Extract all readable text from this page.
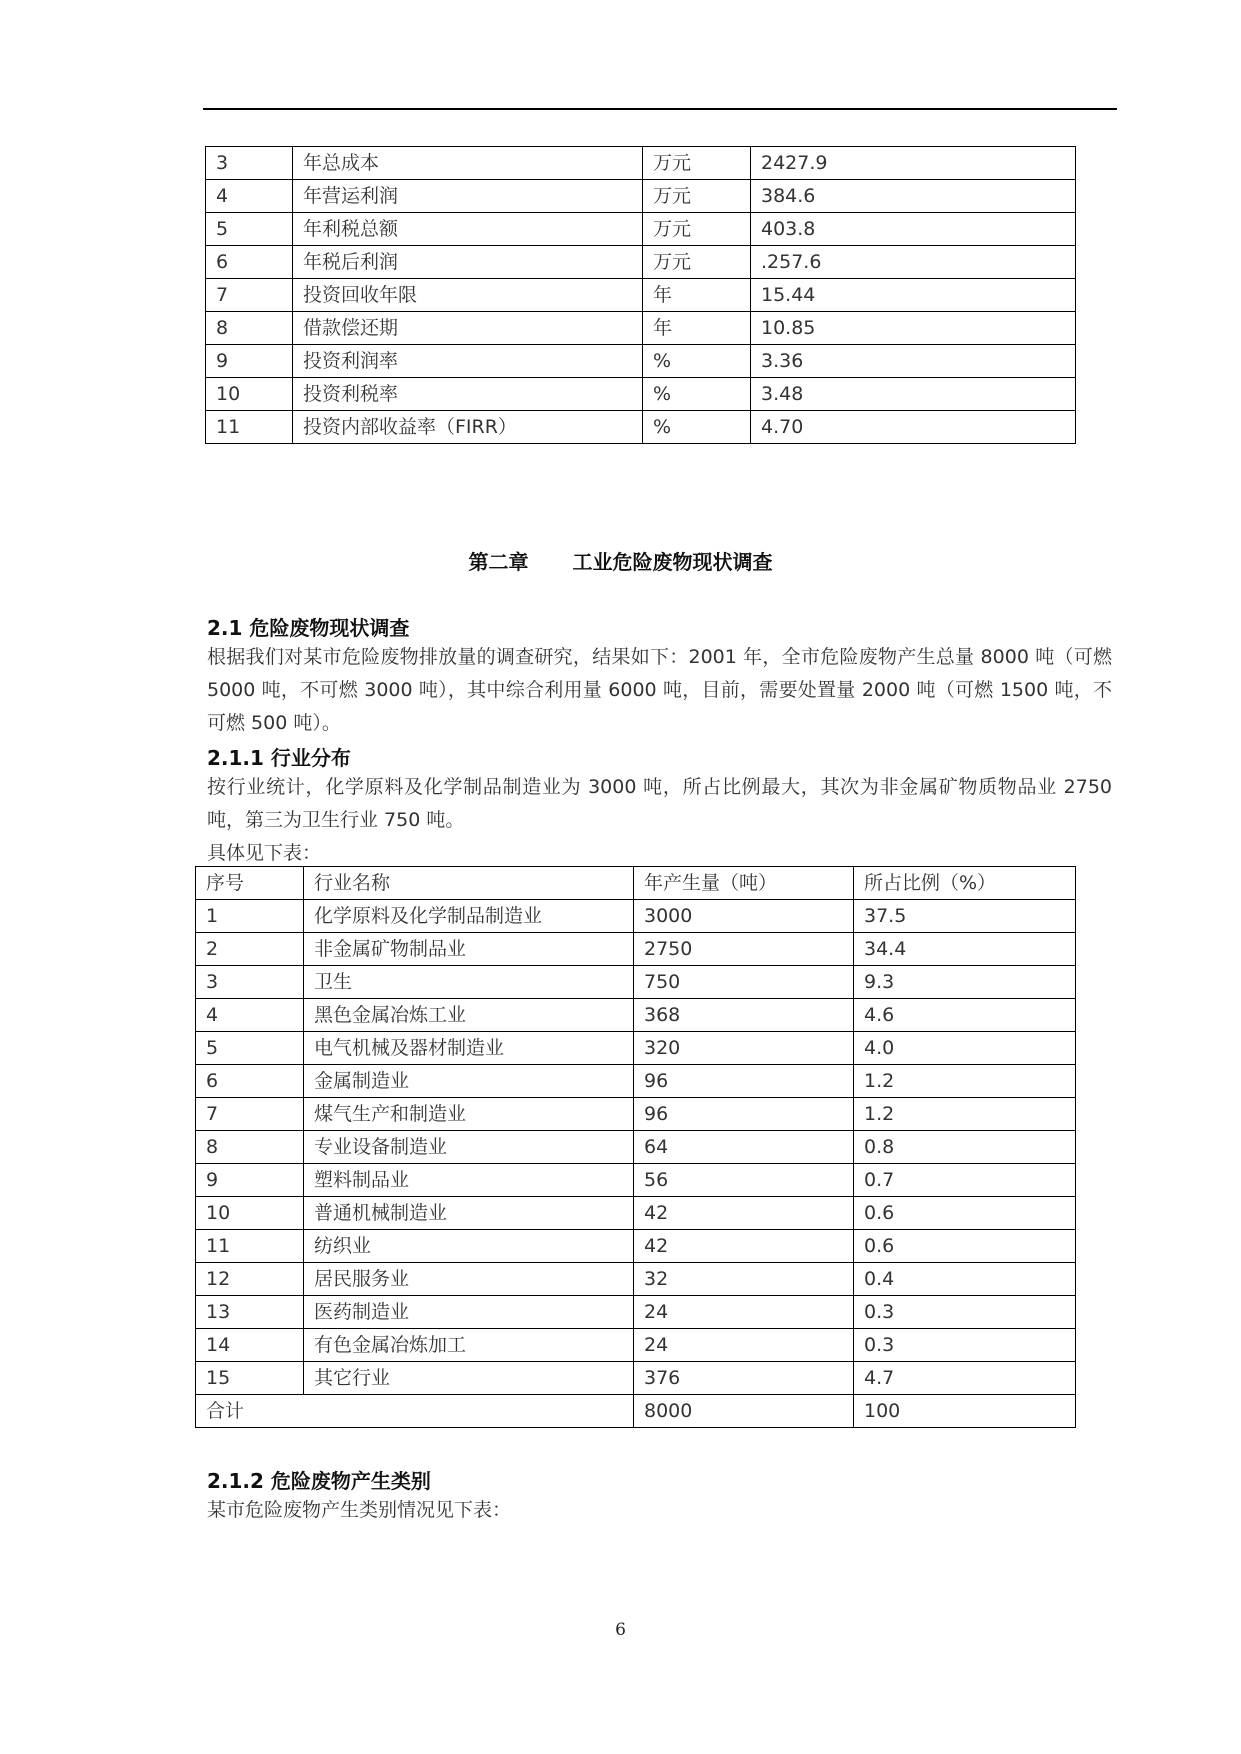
3	年总成本	万元	2427.9
4	年营运利润	万元	384.6
5	年利税总额	万元	403.8
6	年税后利润	万元	.257.6
7	投资回收年限	年	15.44
8	借款偿还期	年	10.85
9	投资利润率	%	3.36
10	投资利税率	%	3.48
11	投资内部收益率（FIRR）	%	4.70
第二章 工业危险废物现状调查
2.1 危险废物现状调查
根据我们对某市危险废物排放量的调查研究，结果如下：2001 年，全市危险废物产生总量 8000 吨（可燃 5000 吨，不可燃 3000 吨），其中综合利用量 6000 吨，目前，需要处置量 2000 吨（可燃 1500 吨，不可燃 500 吨）。
2.1.1 行业分布
按行业统计，化学原料及化学制品制造业为 3000 吨，所占比例最大，其次为非金属矿物质物品业 2750 吨，第三为卫生行业 750 吨。
具体见下表：
序号	行业名称	年产生量（吨）	所占比例（%）
1	化学原料及化学制品制造业	3000	37.5
2	非金属矿物制品业	2750	34.4
3	卫生	750	9.3
4	黑色金属冶炼工业	368	4.6
5	电气机械及器材制造业	320	4.0
6	金属制造业	96	1.2
7	煤气生产和制造业	96	1.2
8	专业设备制造业	64	0.8
9	塑料制品业	56	0.7
10	普通机械制造业	42	0.6
11	纺织业	42	0.6
12	居民服务业	32	0.4
13	医药制造业	24	0.3
14	有色金属冶炼加工	24	0.3
15	其它行业	376	4.7
合计		8000	100
2.1.2 危险废物产生类别
某市危险废物产生类别情况见下表：
6
